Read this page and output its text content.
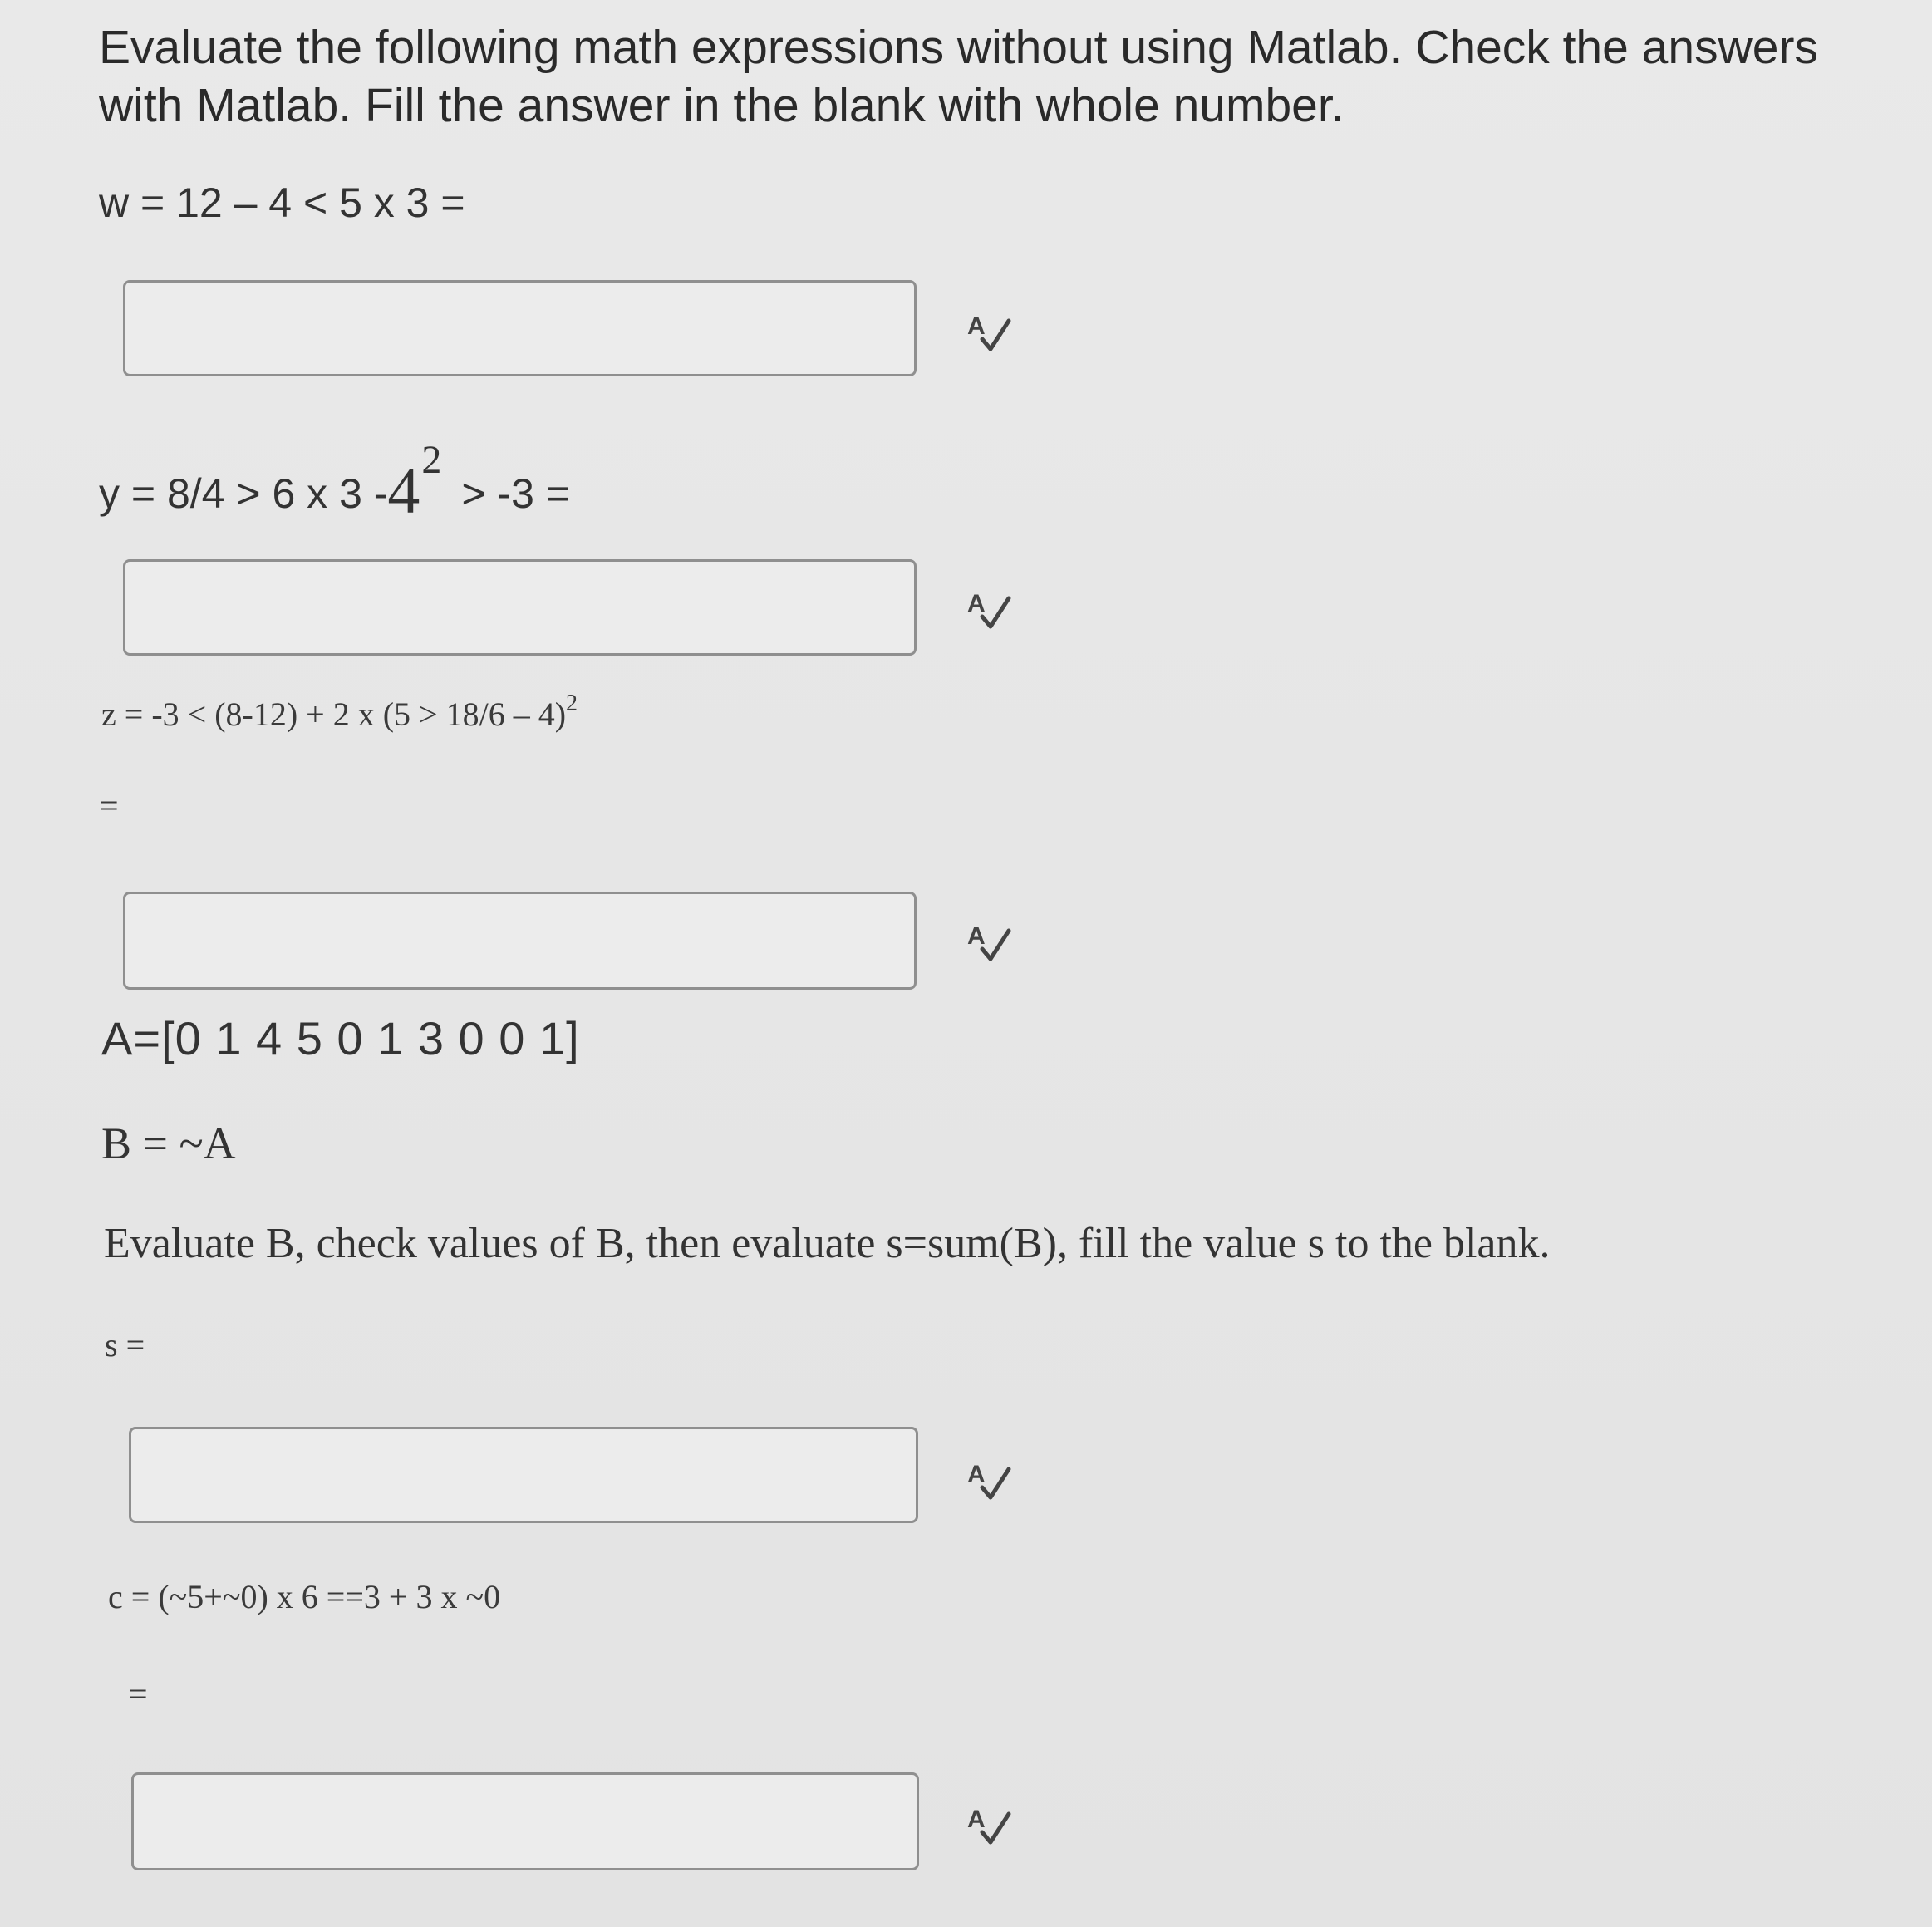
Evaluate the following math expressions without using Matlab. Check the answers
with Matlab. Fill the answer in the blank with whole number.
w = 12 – 4 < 5 x 3 =
A
y = 8/4 > 6 x 3 -42 > -3 =
A
z = -3 < (8-12) + 2 x (5 > 18/6 – 4)$^2$
=
A
A=[0 1 4 5 0 1 3 0 0 1]
B = ~A
Evaluate B, check values of B, then evaluate s=sum(B), fill the value s to the blank.
s =
A
c = (~5+~0) x 6 ==3 + 3 x ~0
=
A
